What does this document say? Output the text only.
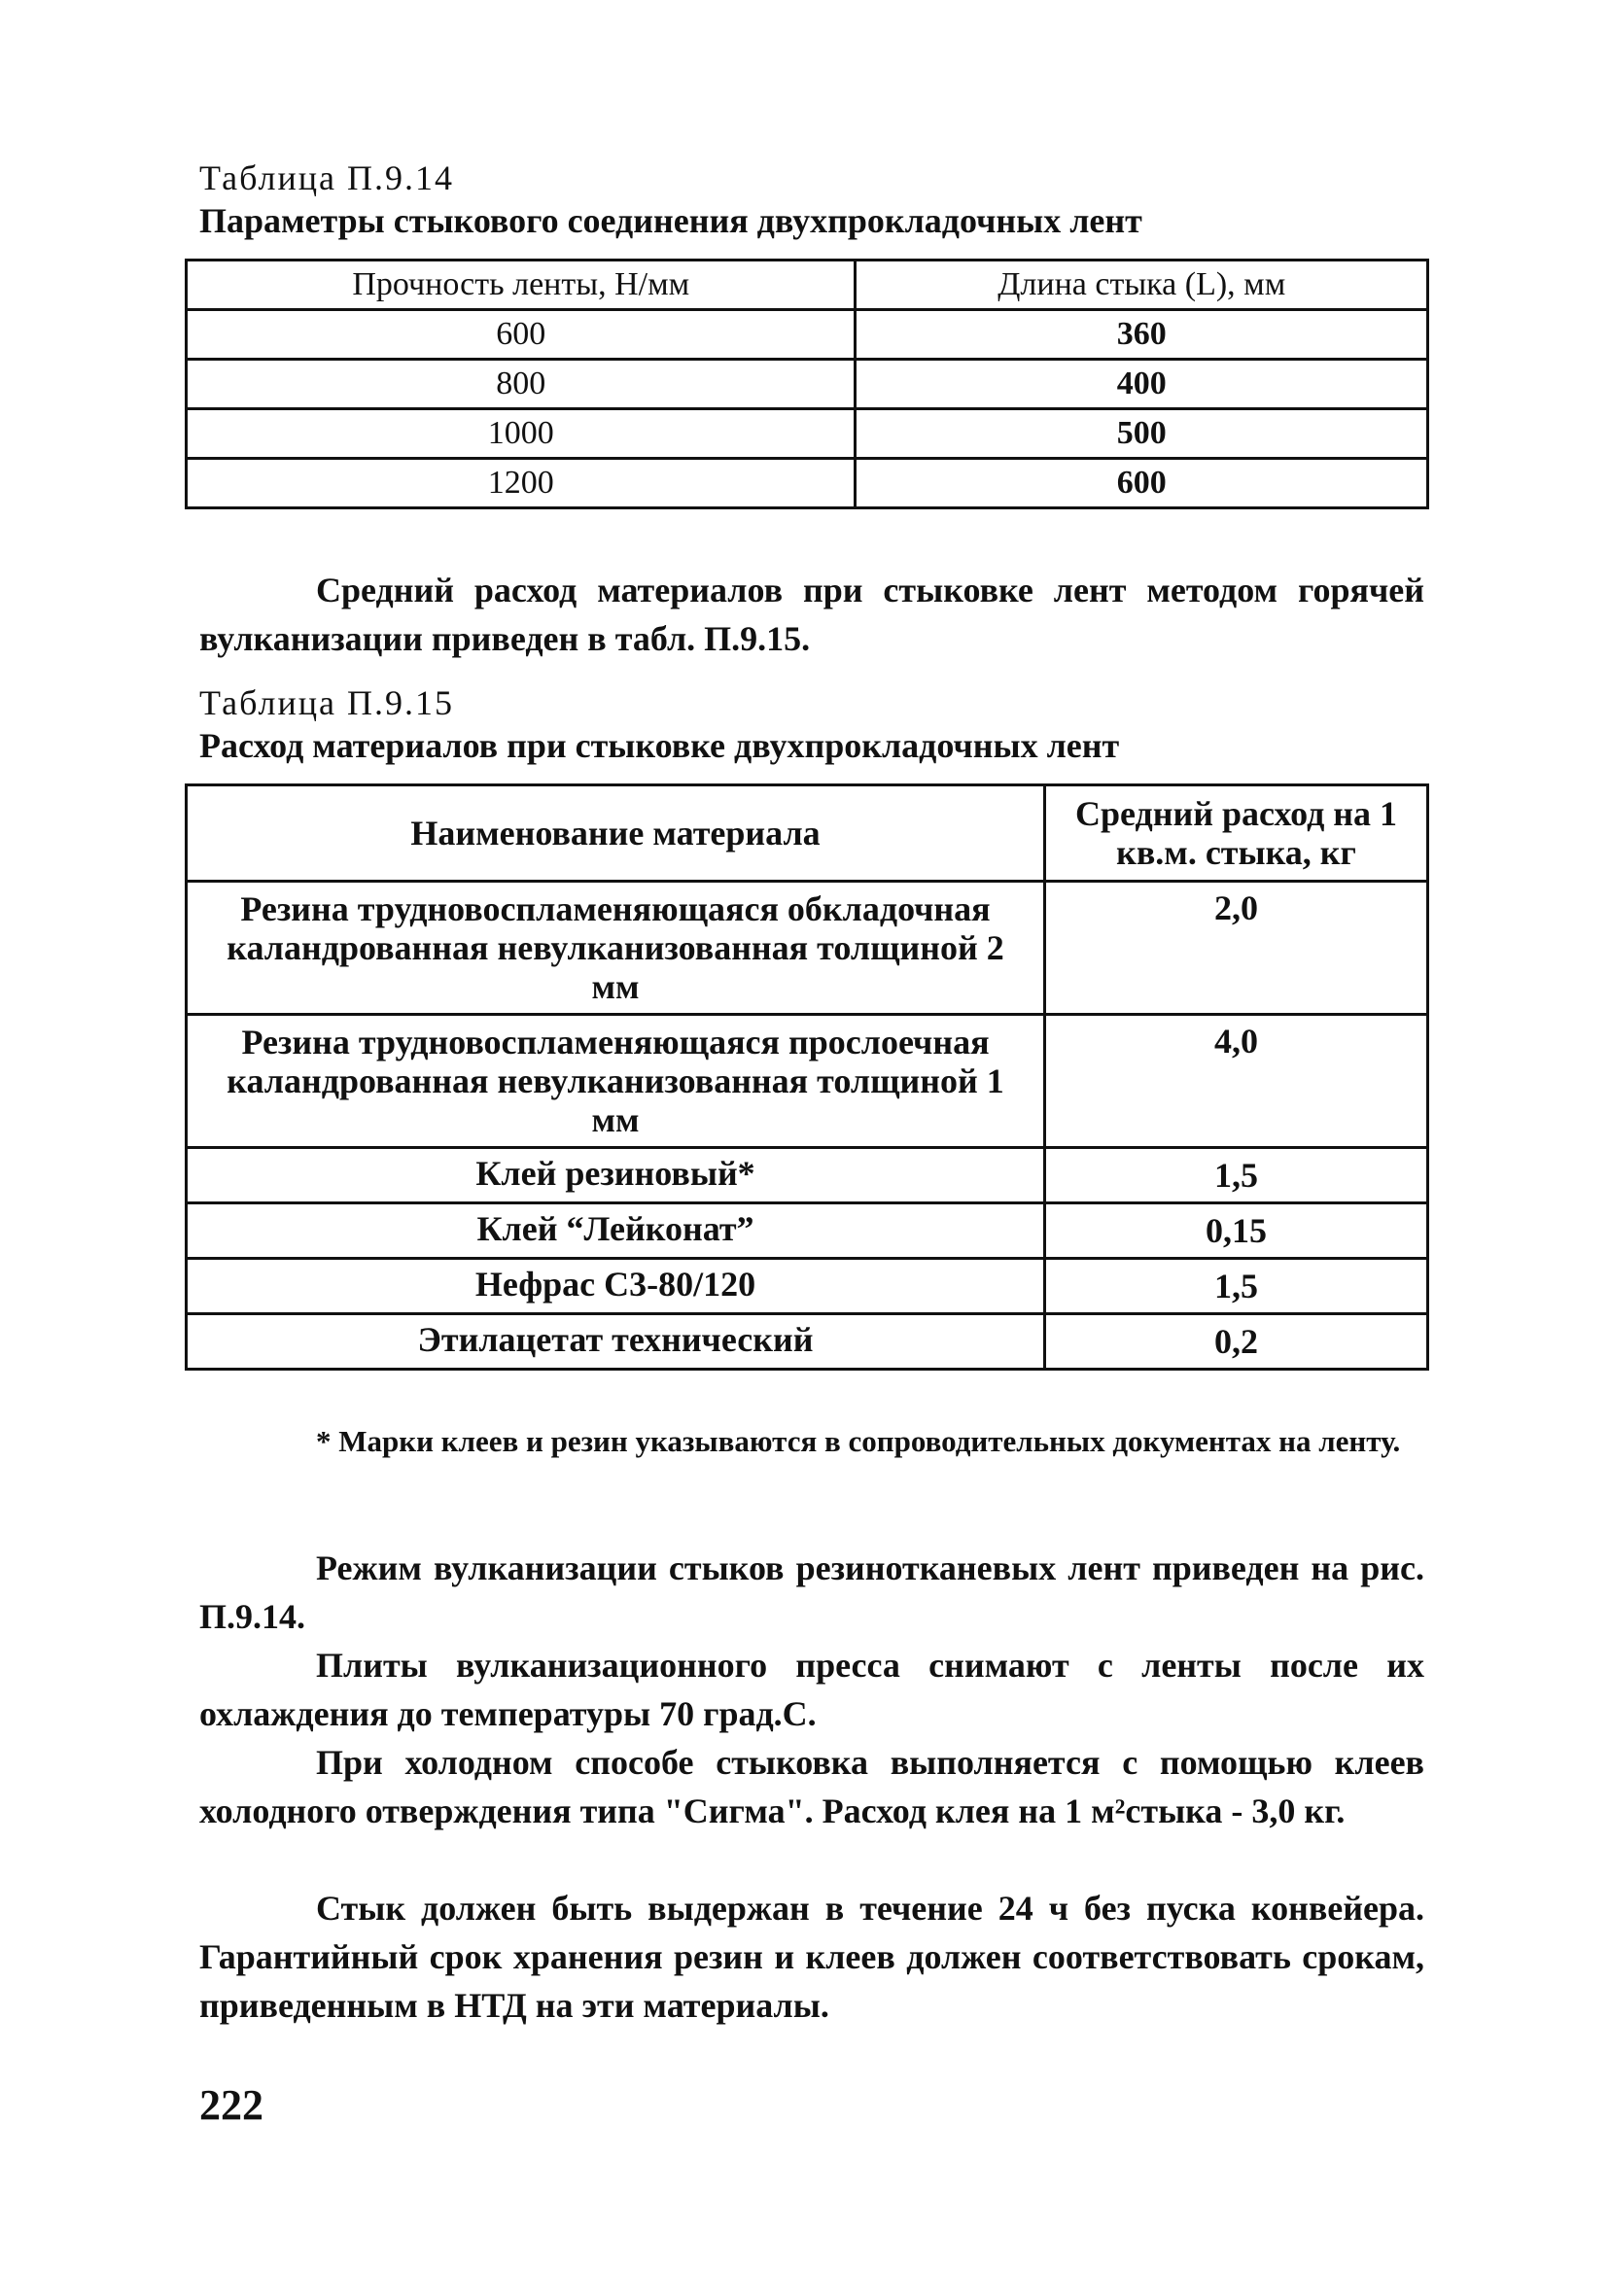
Таблица П.9.14
Параметры стыкового соединения двухпрокладочных лент
Прочность ленты, Н/мм	Длина стыка (L), мм
600	360
800	400
1000	500
1200	600
Средний расход материалов при стыковке лент методом горячей вулканизации приведен в табл. П.9.15.
Таблица П.9.15
Расход материалов при стыковке двухпрокладочных лент
Наименование материала	Средний расход на 1 кв.м. стыка, кг
Резина трудновоспламеняющаяся обкладочная каландрованная невулканизованная толщиной 2 мм	2,0
Резина трудновоспламеняющаяся прослоечная каландрованная невулканизованная толщиной 1 мм	4,0
Клей резиновый*	1,5
Клей “Лейконат”	0,15
Нефрас С3-80/120	1,5
Этилацетат технический	0,2
* Марки клеев и резин указываются в сопроводительных документах на ленту.
Режим вулканизации стыков резинотканевых лент приведен на рис. П.9.14.
Плиты вулканизационного пресса снимают с ленты после их охлаждения до температуры 70 град.С.
При холодном способе стыковка выполняется с помощью клеев холодного отверждения типа "Сигма". Расход клея на 1 м²стыка - 3,0 кг.
Стык должен быть выдержан в течение 24 ч без пуска конвейера. Гарантийный срок хранения резин и клеев должен соответствовать срокам, приведенным в НТД на эти материалы.
222
